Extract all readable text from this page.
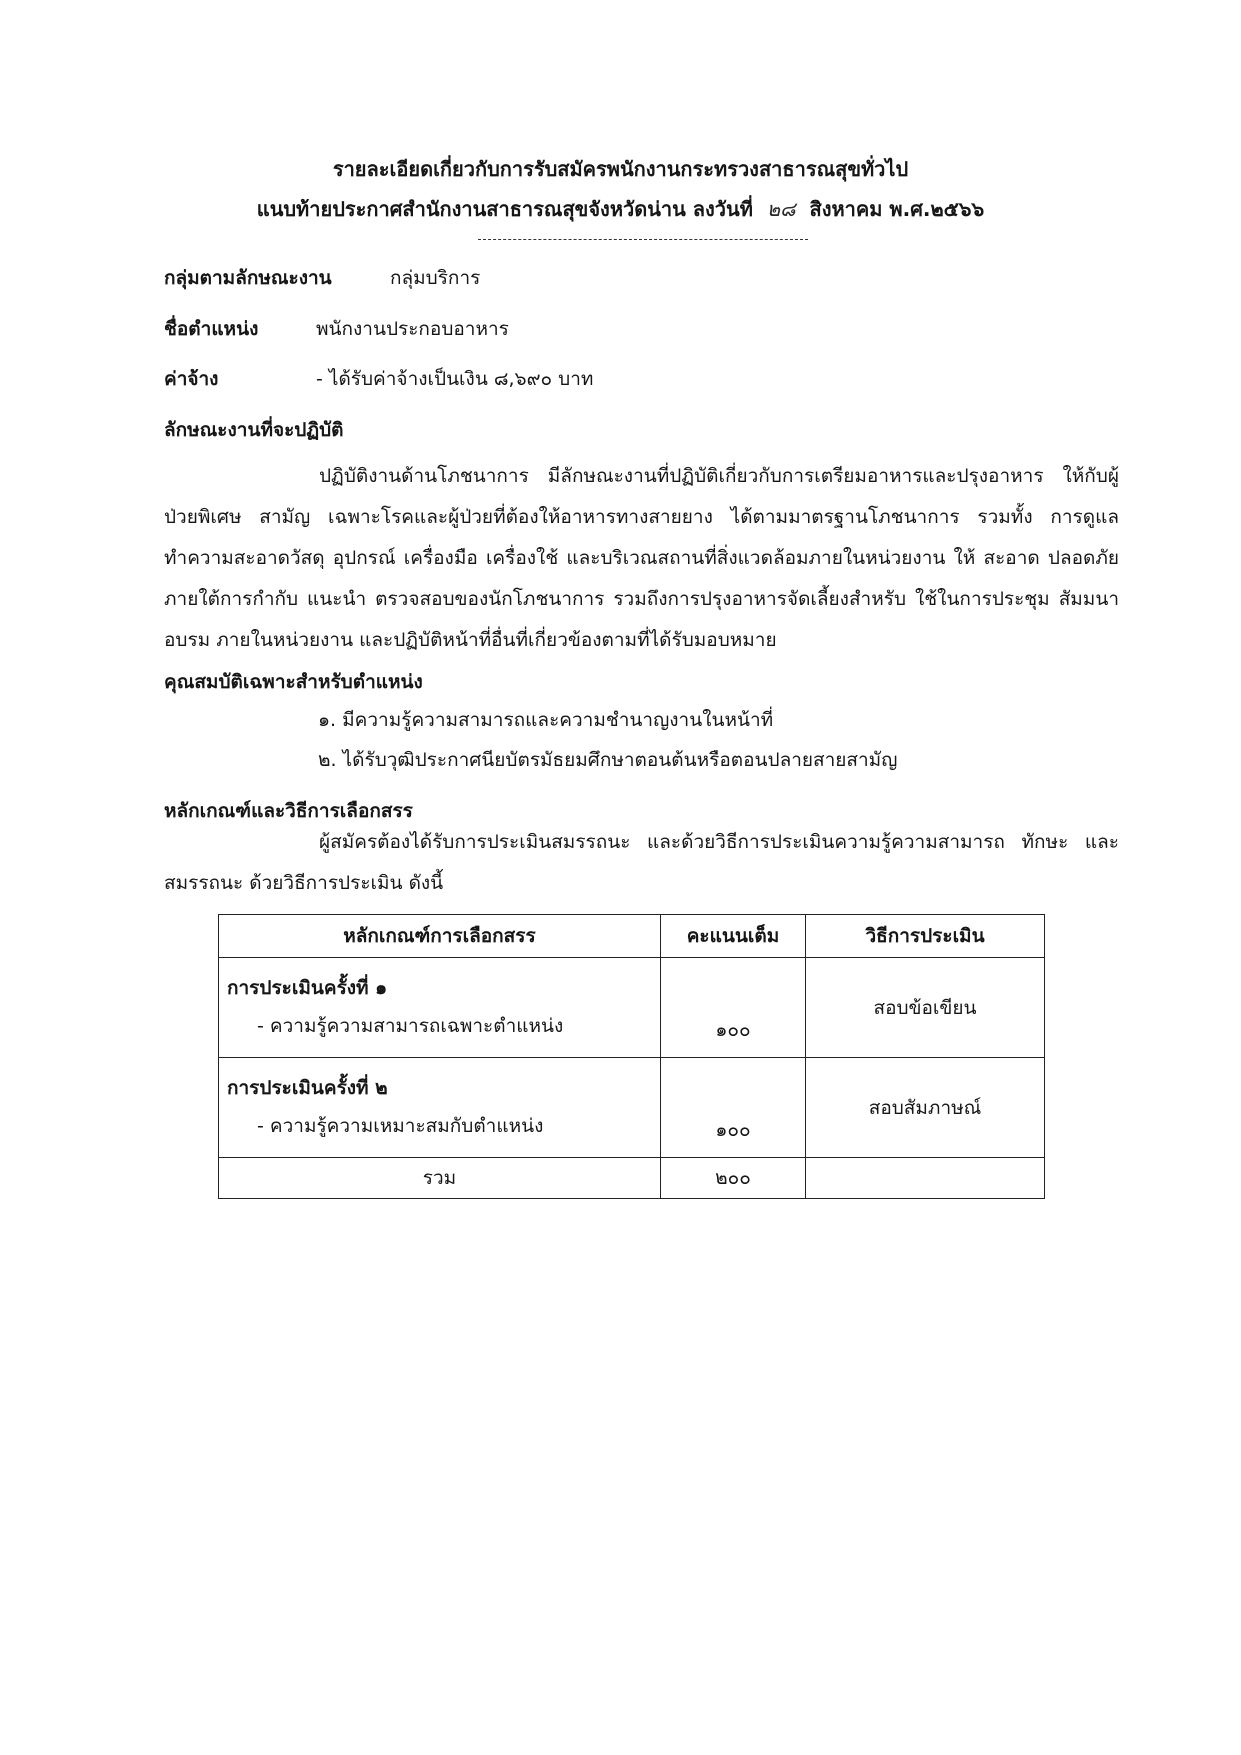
รายละเอียดเกี่ยวกับการรับสมัครพนักงานกระทรวงสาธารณสุขทั่วไป
แนบท้ายประกาศสำนักงานสาธารณสุขจังหวัดน่าน ลงวันที่ ๒๘ สิงหาคม พ.ศ.๒๕๖๖
กลุ่มตามลักษณะงาน	กลุ่มบริการ
ชื่อตำแหน่ง	พนักงานประกอบอาหาร
ค่าจ้าง	- ได้รับค่าจ้างเป็นเงิน ๘,๖๙๐ บาท
ลักษณะงานที่จะปฏิบัติ
ปฏิบัติงานด้านโภชนาการ มีลักษณะงานที่ปฏิบัติเกี่ยวกับการเตรียมอาหารและปรุงอาหาร ให้กับผู้ป่วยพิเศษ สามัญ เฉพาะโรคและผู้ป่วยที่ต้องให้อาหารทางสายยาง ได้ตามมาตรฐานโภชนาการ รวมทั้ง การดูแลทำความสะอาดวัสดุ อุปกรณ์ เครื่องมือ เครื่องใช้ และบริเวณสถานที่สิ่งแวดล้อมภายในหน่วยงาน ให้ สะอาด ปลอดภัย ภายใต้การกำกับ แนะนำ ตรวจสอบของนักโภชนาการ รวมถึงการปรุงอาหารจัดเลี้ยงสำหรับ ใช้ในการประชุม สัมมนา อบรม ภายในหน่วยงาน และปฏิบัติหน้าที่อื่นที่เกี่ยวข้องตามที่ได้รับมอบหมาย
คุณสมบัติเฉพาะสำหรับตำแหน่ง
๑. มีความรู้ความสามารถและความชำนาญงานในหน้าที่
๒. ได้รับวุฒิประกาศนียบัตรมัธยมศึกษาตอนต้นหรือตอนปลายสายสามัญ
หลักเกณฑ์และวิธีการเลือกสรร
ผู้สมัครต้องได้รับการประเมินสมรรถนะ และด้วยวิธีการประเมินความรู้ความสามารถ ทักษะ และสมรรถนะ ด้วยวิธีการประเมิน ดังนี้
หลักเกณฑ์การเลือกสรร	คะแนนเต็ม	วิธีการประเมิน

การประเมินครั้งที่ ๑
- ความรู้ความสามารถเฉพาะตำแหน่ง	๑๐๐	สอบข้อเขียน

การประเมินครั้งที่ ๒
- ความรู้ความเหมาะสมกับตำแหน่ง	๑๐๐	สอบสัมภาษณ์
รวม	๒๐๐	
